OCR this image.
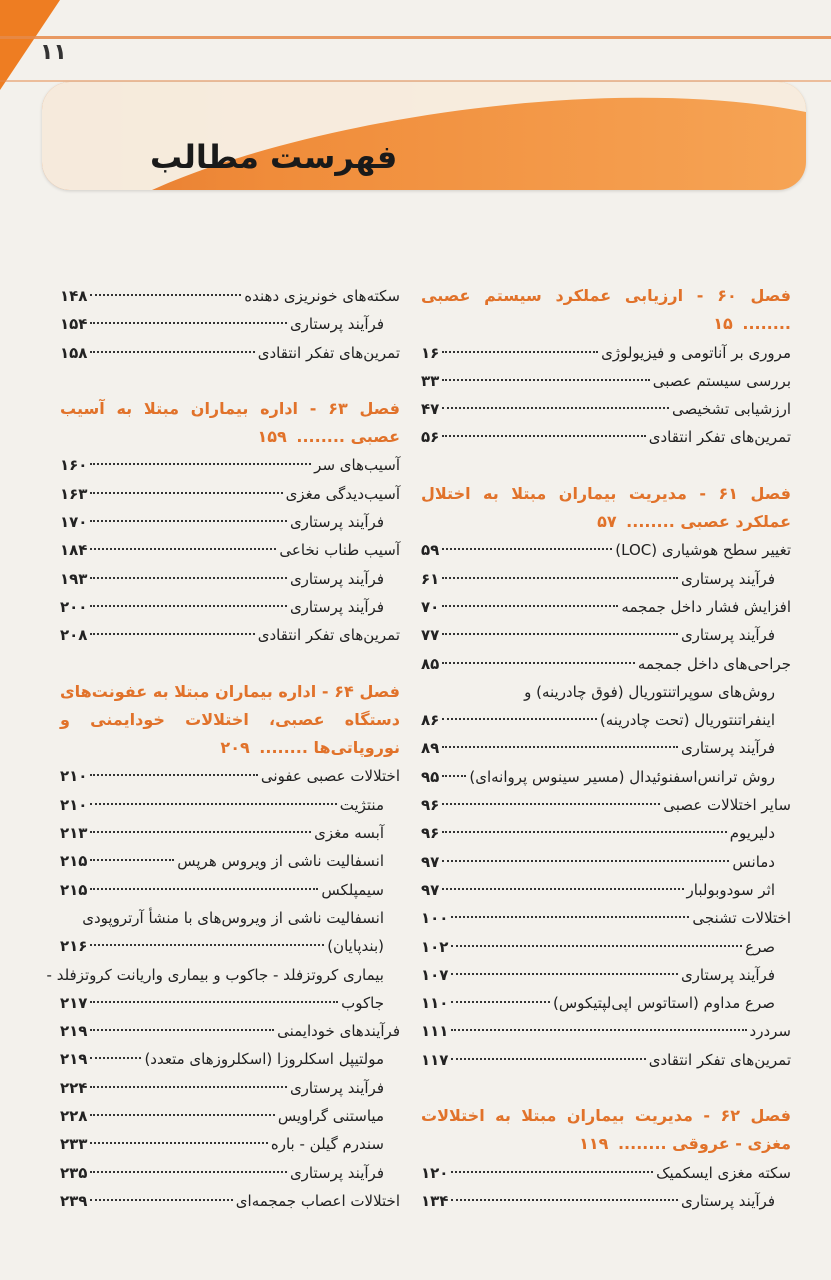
۱۱
فهرست مطالب
فصل ۶۰ - ارزیابی عملکرد سیستم عصبی ........ ۱۵
مروری بر آناتومی و فیزیولوژی
۱۶
بررسی سیستم عصبی
۳۳
ارزشیابی تشخیصی
۴۷
تمرین‌های تفکر انتقادی
۵۶
فصل ۶۱ - مدیریت بیماران مبتلا به اختلال عملکرد عصبی ........ ۵۷
تغییر سطح هوشیاری (LOC)
۵۹
فرآیند پرستاری
۶۱
افزایش فشار داخل جمجمه
۷۰
فرآیند پرستاری
۷۷
جراحی‌های داخل جمجمه
۸۵
روش‌های سوپراتنتوریال (فوق چادرینه) و
اینفراتنتوریال (تحت چادرینه)
۸۶
فرآیند پرستاری
۸۹
روش ترانس‌اسفنوئیدال (مسیر سینوس پروانه‌ای)
۹۵
سایر اختلالات عصبی
۹۶
دلیریوم
۹۶
دمانس
۹۷
اثر سودوبولبار
۹۷
اختلالات تشنجی
۱۰۰
صرع
۱۰۲
فرآیند پرستاری
۱۰۷
صرع مداوم (استاتوس اپی‌لپتیکوس)
۱۱۰
سردرد
۱۱۱
تمرین‌های تفکر انتقادی
۱۱۷
فصل ۶۲ - مدیریت بیماران مبتلا به اختلالات مغزی - عروقی ........ ۱۱۹
سکته مغزی ایسکمیک
۱۲۰
فرآیند پرستاری
۱۳۴
سکته‌های خونریزی دهنده
۱۴۸
فرآیند پرستاری
۱۵۴
تمرین‌های تفکر انتقادی
۱۵۸
فصل ۶۳ - اداره بیماران مبتلا به آسیب عصبی ........ ۱۵۹
آسیب‌های سر
۱۶۰
آسیب‌دیدگی مغزی
۱۶۳
فرآیند پرستاری
۱۷۰
آسیب طناب نخاعی
۱۸۴
فرآیند پرستاری
۱۹۳
فرآیند پرستاری
۲۰۰
تمرین‌های تفکر انتقادی
۲۰۸
فصل ۶۴ - اداره بیماران مبتلا به عفونت‌های دستگاه عصبی، اختلالات خودایمنی و نوروپاتی‌ها ........ ۲۰۹
اختلالات عصبی عفونی
۲۱۰
منتژیت
۲۱۰
آبسه مغزی
۲۱۳
انسفالیت ناشی از ویروس هرپس
۲۱۵
سیمپلکس
۲۱۵
انسفالیت ناشی از ویروس‌های با منشأ آرتروپودی
(بندپایان)
۲۱۶
بیماری کروتزفلد - جاکوب و بیماری واریانت کروتزفلد -
جاکوب
۲۱۷
فرآیندهای خودایمنی
۲۱۹
مولتیپل اسکلروزا (اسکلروزهای متعدد)
۲۱۹
فرآیند پرستاری
۲۲۴
میاستنی گراویس
۲۲۸
سندرم گیلن - باره
۲۳۳
فرآیند پرستاری
۲۳۵
اختلالات اعصاب جمجمه‌ای
۲۳۹
